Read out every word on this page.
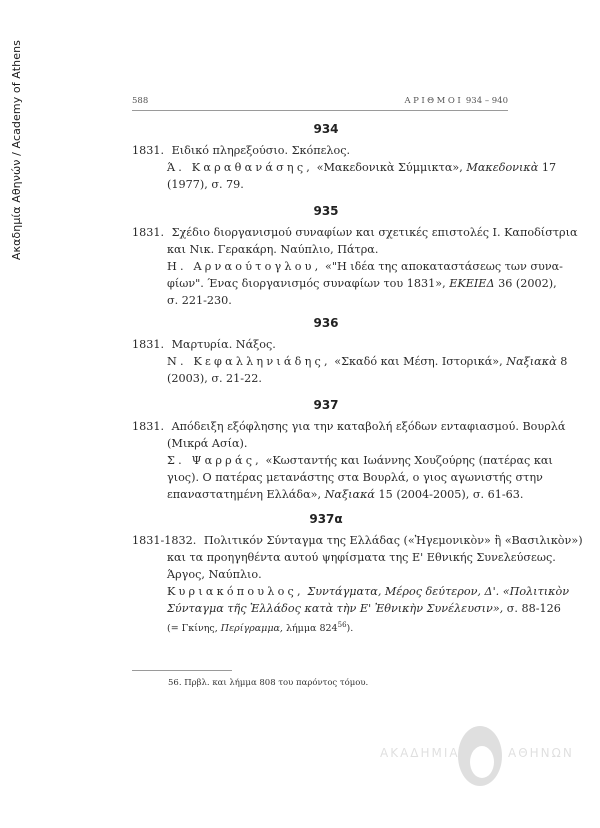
Ακαδημία Αθηνών / Academy of Athens	588	ΑΡΙΘΜΟΙ 934 – 940
934
1831. Ειδικό πληρεξούσιο. Σκόπελος.
Ά. Καραθανάσης, «Μακεδονικὰ Σύμμικτα», Μακεδονικὰ 17
(1977), σ. 79.
935
1831. Σχέδιο διοργανισμού συναφίων και σχετικές επιστολές Ι. Καποδίστρια
και Νικ. Γερακάρη. Ναύπλιο, Πάτρα.
Η. Αρναούτογλου, «"Η ιδέα της αποκαταστάσεως των συνα-
φίων". Ένας διοργανισμός συναφίων του 1831», ΕΚΕΙΕΔ 36 (2002),
σ. 221-230.
936
1831. Μαρτυρία. Νάξος.
Ν. Κεφαλληνιάδης, «Σκαδό και Μέση. Ιστορικά», Ναξιακὰ 8
(2003), σ. 21-22.
937
1831. Απόδειξη εξόφλησης για την καταβολή εξόδων ενταφιασμού. Βουρλά
(Μικρά Ασία).
Σ. Ψαρράς, «Κωσταντής και Ιωάννης Χουζούρης (πατέρας και
γιος). Ο πατέρας μετανάστης στα Βουρλά, ο γιος αγωνιστής στην
επαναστατημένη Ελλάδα», Ναξιακά 15 (2004-2005), σ. 61-63.
937α
1831-1832. Πολιτικόν Σύνταγμα της Ελλάδας («Ἡγεμονικὸν» ἢ «Βασιλικὸν»)
και τα προηγηθέντα αυτού ψηφίσματα της Ε' Εθνικής Συνελεύσεως.
Άργος, Ναύπλιο.
Κυριακόπουλος, Συντάγματα, Μέρος δεύτερον, Δ'. «Πολιτικὸν
Σύνταγμα τῆς Ἑλλάδος κατὰ τὴν Ε' Ἐθνικὴν Συνέλευσιν», σ. 88-126
(= Γκίνης, Περίγραμμα, λήμμα $824^{56}$).
56. Πρβλ. και λήμμα 808 του παρόντος τόμου.
ΑΚΑΔΗΜΙΑ	ΑΘΗΝΩΝ
